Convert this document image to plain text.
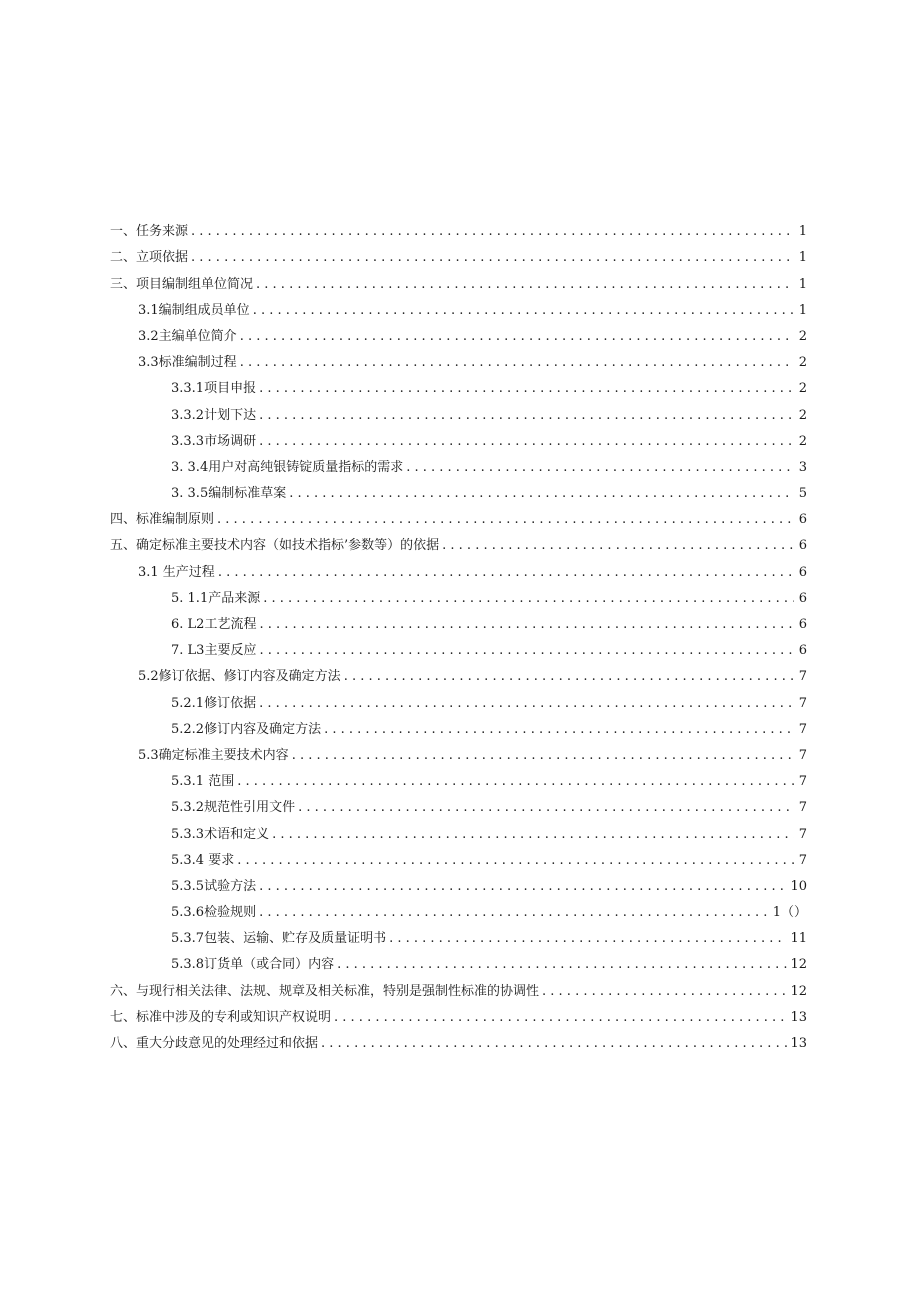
一、任务来源 . . .	1
二、立项依据 . . .	1
三、项目编制组单位简况 . . .	1
3.1编制组成员单位 . . .	1
3.2主编单位简介 . . .	2
3.3标准编制过程 . . .	2
3.3.1项目申报 . . .	2
3.3.2计划下达 . . .	2
3.3.3市场调研 . . .	2
3. 3.4用户对高纯银铸锭质量指标的需求 . . .	3
3. 3.5编制标准草案 . . .	5
四、标准编制原则 . . .	6
五、确定标准主要技术内容（如技术指标’参数等）的依据 . . .	6
3.1 生产过程 . . .	6
5. 1.1产品来源 . . .	6
6. L2工艺流程 . . .	6
7. L3主要反应 . . .	6
5.2修订依据、修订内容及确定方法 . . .	7
5.2.1修订依据 . . .	7
5.2.2修订内容及确定方法 . . .	7
5.3确定标准主要技术内容 . . .	7
5.3.1 范围 . . .	7
5.3.2规范性引用文件 . . .	7
5.3.3术语和定义 . . .	7
5.3.4 要求 . . .	7
5.3.5试验方法 . . .	10
5.3.6检验规则 . . .	1（）
5.3.7包装、运输、贮存及质量证明书 . . .	11
5.3.8订货单（或合同）内容 . . .	12
六、与现行相关法律、法规、规章及相关标准，特别是强制性标准的协调性 . . .	12
七、标准中涉及的专利或知识产权说明 . . .	13
八、重大分歧意见的处理经过和依据 . . .	13
